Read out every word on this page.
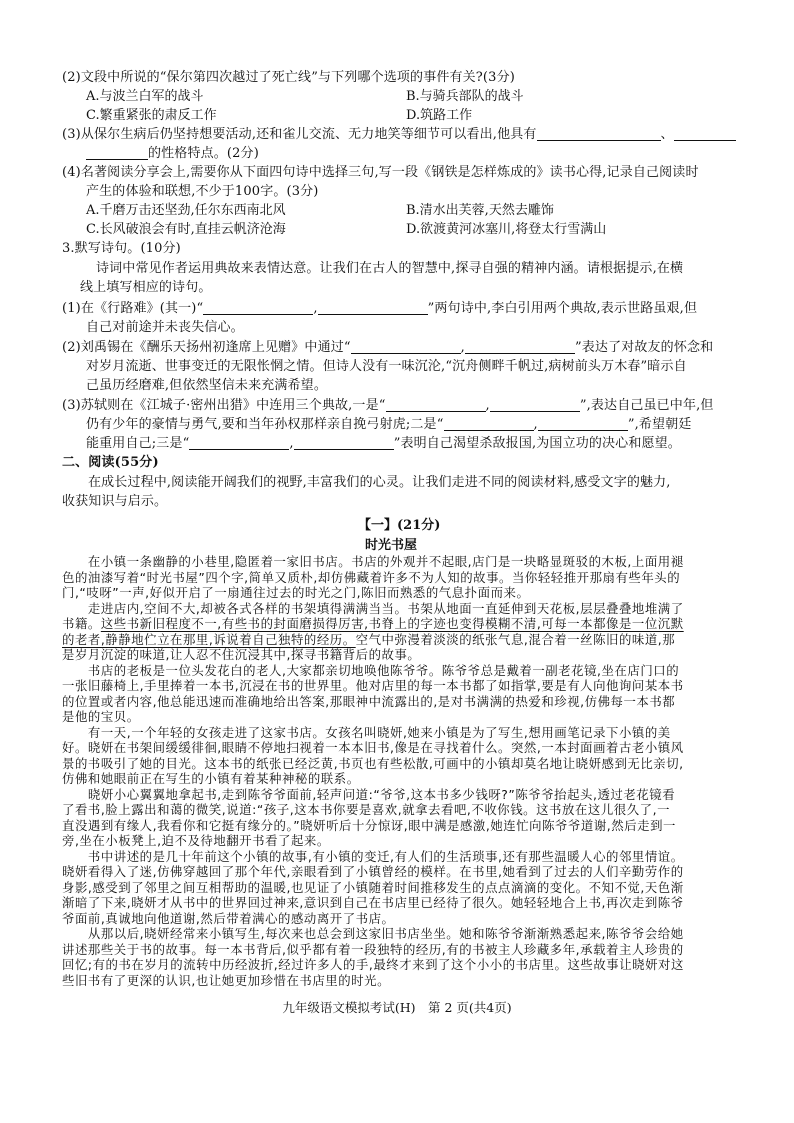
(2)文段中所说的“保尔第四次越过了死亡线”与下列哪个选项的事件有关?(3分)
A.与波兰白军的战斗	B.与骑兵部队的战斗
C.繁重紧张的肃反工作	D.筑路工作
(3)从保尔生病后仍坚持想要活动,还和雀儿交流、无力地笑等细节可以看出,他具有	、
的性格特点。(2分)
(4)名著阅读分享会上,需要你从下面四句诗中选择三句,写一段《钢铁是怎样炼成的》读书心得,记录自己阅读时
产生的体验和联想,不少于100字。(3分)
A.千磨万击还坚劲,任尔东西南北风	B.清水出芙蓉,天然去雕饰
C.长风破浪会有时,直挂云帆济沧海	D.欲渡黄河冰塞川,将登太行雪满山
3.默写诗句。(10分)
诗词中常见作者运用典故来表情达意。让我们在古人的智慧中,探寻自强的精神内涵。请根据提示,在横
线上填写相应的诗句。
(1)在《行路难》(其一)“	,	”两句诗中,李白引用两个典故,表示世路虽艰,但
自己对前途并未丧失信心。
(2)刘禹锡在《酬乐天扬州初逢席上见赠》中通过“	,	”表达了对故友的怀念和
对岁月流逝、世事变迁的无限怅惘之情。但诗人没有一味沉沦,“沉舟侧畔千帆过,病树前头万木春”暗示自
己虽历经磨难,但依然坚信未来充满希望。
(3)苏轼则在《江城子·密州出猎》中连用三个典故,一是“	,	”,表达自己虽已中年,但
仍有少年的豪情与勇气,要和当年孙权那样亲自挽弓射虎;二是“	,	”,希望朝廷
能重用自己;三是“	,	”表明自己渴望杀敌报国,为国立功的决心和愿望。
二、阅读(55分)
在成长过程中,阅读能开阔我们的视野,丰富我们的心灵。让我们走进不同的阅读材料,感受文字的魅力,
收获知识与启示。
【一】(21分)
时光书屋
　　在小镇一条幽静的小巷里,隐匿着一家旧书店。书店的外观并不起眼,店门是一块略显斑驳的木板,上面用褪
色的油漆写着“时光书屋”四个字,简单又质朴,却仿佛藏着许多不为人知的故事。当你轻轻推开那扇有些年头的
门,“吱呀”一声,好似开启了一扇通往过去的时光之门,陈旧而熟悉的气息扑面而来。
　　走进店内,空间不大,却被各式各样的书架填得满满当当。书架从地面一直延伸到天花板,层层叠叠地堆满了
书籍。这些书新旧程度不一,有些书的封面磨损得厉害,书脊上的字迹也变得模糊不清,可每一本都像是一位沉默
的老者,静静地伫立在那里,诉说着自己独特的经历。空气中弥漫着淡淡的纸张气息,混合着一丝陈旧的味道,那
是岁月沉淀的味道,让人忍不住沉浸其中,探寻书籍背后的故事。
　　书店的老板是一位头发花白的老人,大家都亲切地唤他陈爷爷。陈爷爷总是戴着一副老花镜,坐在店门口的
一张旧藤椅上,手里捧着一本书,沉浸在书的世界里。他对店里的每一本书都了如指掌,要是有人向他询问某本书
的位置或者内容,他总能迅速而准确地给出答案,那眼神中流露出的,是对书满满的热爱和珍视,仿佛每一本书都
是他的宝贝。
　　有一天,一个年轻的女孩走进了这家书店。女孩名叫晓妍,她来小镇是为了写生,想用画笔记录下小镇的美
好。晓妍在书架间缓缓徘徊,眼睛不停地扫视着一本本旧书,像是在寻找着什么。突然,一本封面画着古老小镇风
景的书吸引了她的目光。这本书的纸张已经泛黄,书页也有些松散,可画中的小镇却莫名地让晓妍感到无比亲切,
仿佛和她眼前正在写生的小镇有着某种神秘的联系。
　　晓妍小心翼翼地拿起书,走到陈爷爷面前,轻声问道:“爷爷,这本书多少钱呀?”陈爷爷抬起头,透过老花镜看
了看书,脸上露出和蔼的微笑,说道:“孩子,这本书你要是喜欢,就拿去看吧,不收你钱。这书放在这儿很久了,一
直没遇到有缘人,我看你和它挺有缘分的。”晓妍听后十分惊讶,眼中满是感激,她连忙向陈爷爷道谢,然后走到一
旁,坐在小板凳上,迫不及待地翻开书看了起来。
　　书中讲述的是几十年前这个小镇的故事,有小镇的变迁,有人们的生活琐事,还有那些温暖人心的邻里情谊。
晓妍看得入了迷,仿佛穿越回了那个年代,亲眼看到了小镇曾经的模样。在书里,她看到了过去的人们辛勤劳作的
身影,感受到了邻里之间互相帮助的温暖,也见证了小镇随着时间推移发生的点点滴滴的变化。不知不觉,天色渐
渐暗了下来,晓妍才从书中的世界回过神来,意识到自己在书店里已经待了很久。她轻轻地合上书,再次走到陈爷
爷面前,真诚地向他道谢,然后带着满心的感动离开了书店。
　　从那以后,晓妍经常来小镇写生,每次来也总会到这家旧书店坐坐。她和陈爷爷渐渐熟悉起来,陈爷爷会给她
讲述那些关于书的故事。每一本书背后,似乎都有着一段独特的经历,有的书被主人珍藏多年,承载着主人珍贵的
回忆;有的书在岁月的流转中历经波折,经过许多人的手,最终才来到了这个小小的书店里。这些故事让晓妍对这
些旧书有了更深的认识,也让她更加珍惜在书店里的时光。
九年级语文模拟考试(H)　第 2 页(共4页)
